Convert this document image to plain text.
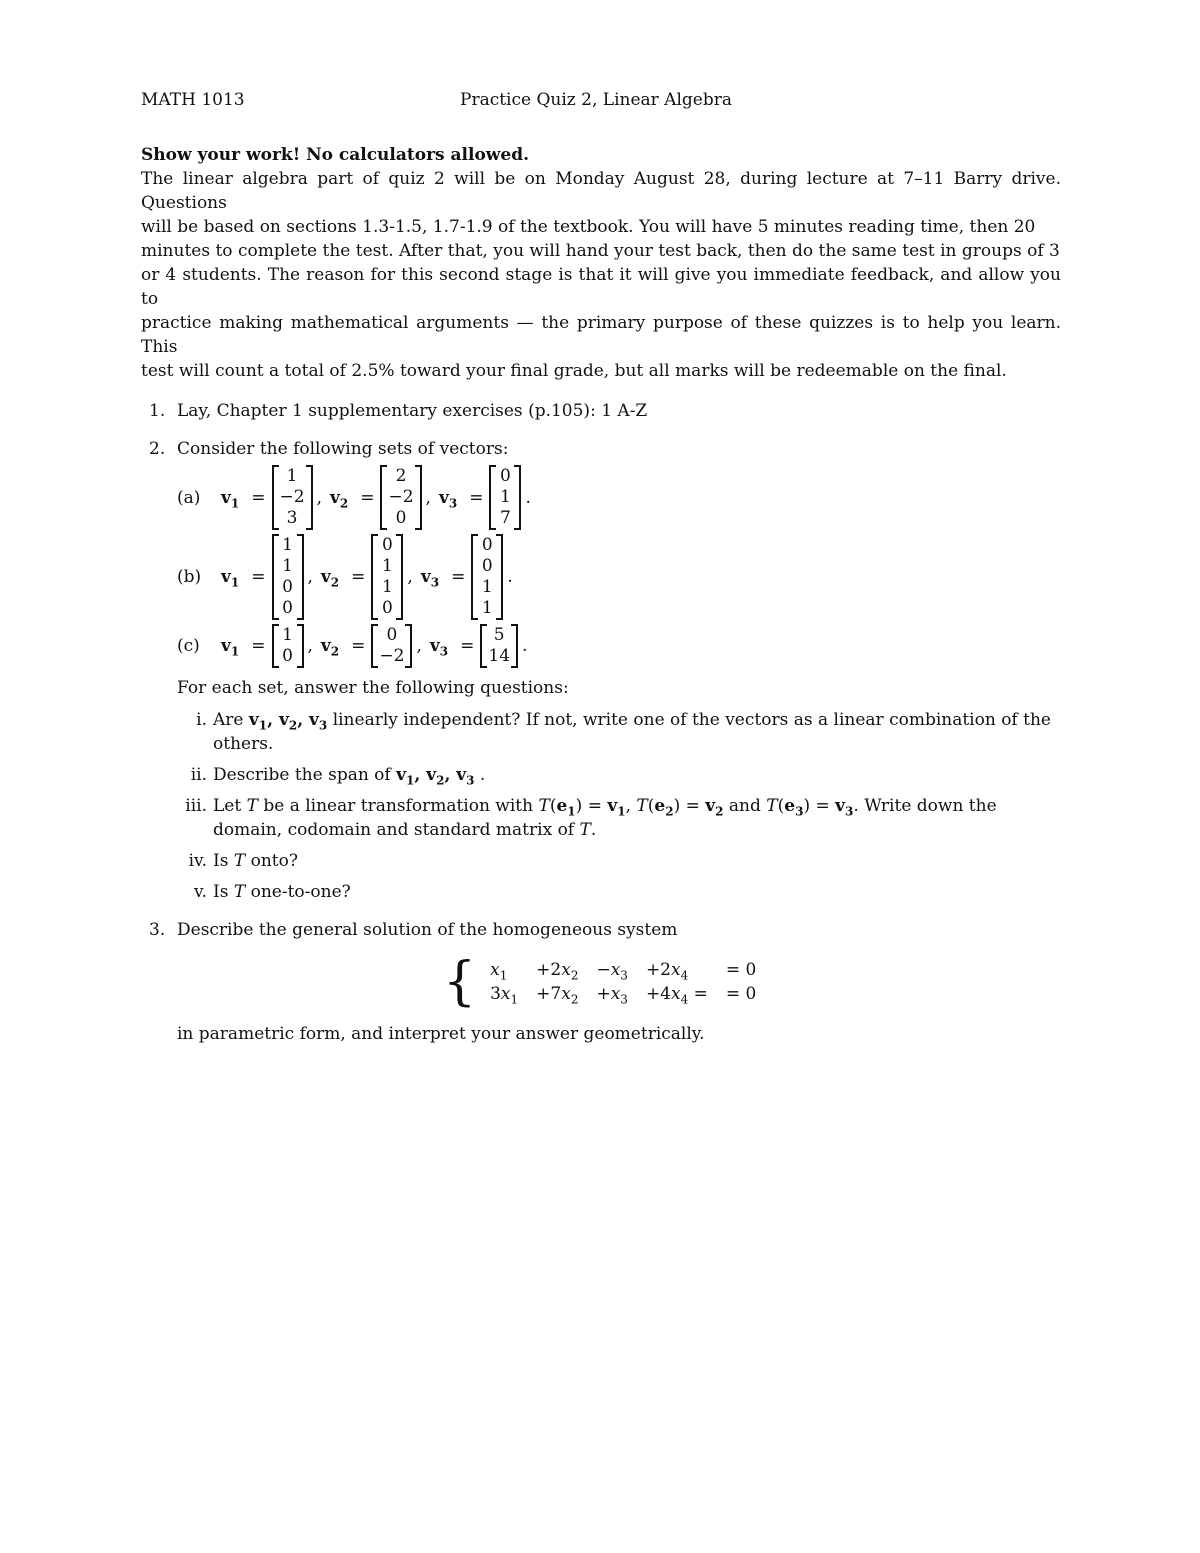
MATH 1013	Practice Quiz 2, Linear Algebra
Show your work! No calculators allowed.

The linear algebra part of quiz 2 will be on Monday August 28, during lecture at 7–11 Barry drive. Questions
will be based on sections 1.3-1.5, 1.7-1.9 of the textbook. You will have 5 minutes reading time, then 20
minutes to complete the test. After that, you will hand your test back, then do the same test in groups of 3
or 4 students. The reason for this second stage is that it will give you immediate feedback, and allow you to
practice making mathematical arguments — the primary purpose of these quizzes is to help you learn. This
test will count a total of 2.5% toward your final grade, but all marks will be redeemable on the final.

1. Lay, Chapter 1 supplementary exercises (p.105): 1 A-Z
2. Consider the following sets of vectors:
(a)	$v_1$ =
1
−2
3
, $v_2$ =
2
−2
0
, $v_3$ =
0
1
7
.
(b)	$v_1$ =
1
1
0
0
, $v_2$ =
0
1
1
0
, $v_3$ =
0
0
1
1
.
(c)	$v_1$ =
1
0 , $v_2$ =
0
−2 , $v_3$ =
5
14 .
For each set, answer the following questions:
i. Are $v_1$, $v_2$, $v_3$ linearly independent? If not, write one of the vectors as a linear combination of the
others.
ii. Describe the span of $v_1$, $v_2$, $v_3$ .
iii. Let T be a linear transformation with $T(e_1) = v_1$, $T(e_2) = v_2$ and $T(e_3) = v_3$. Write down the
domain, codomain and standard matrix of T.
iv. Is T onto?
v. Is T one-to-one?
3. Describe the general solution of the homogeneous system
{ $x_1$	$+2x_2$	$-x_3$	$+2x_4$	= 0
$3x_1$	$+7x_2$	$+x_3$	$+4x_4$ =	= 0
in parametric form, and interpret your answer geometrically.
